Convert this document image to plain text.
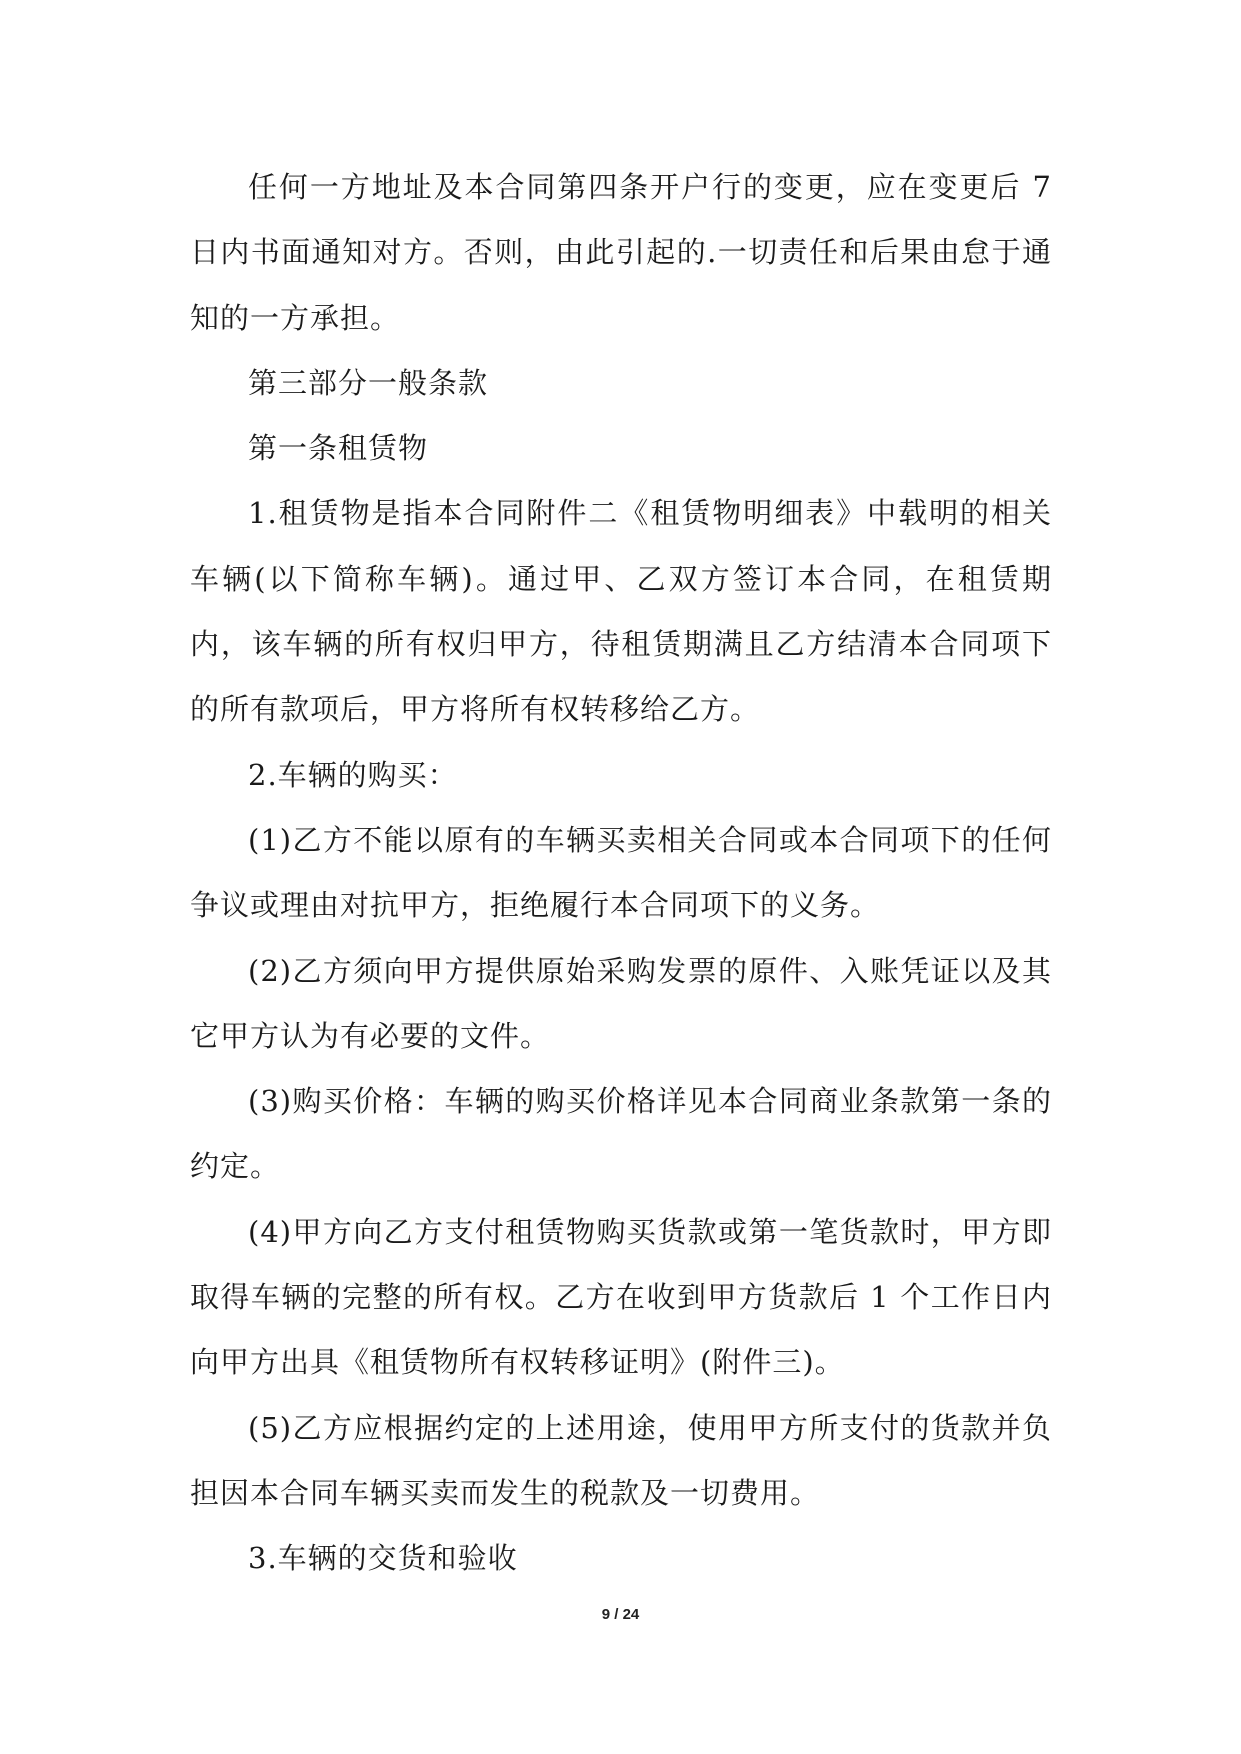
任何一方地址及本合同第四条开户行的变更，应在变更后 7 日内书面通知对方。否则，由此引起的.一切责任和后果由怠于通知的一方承担。

第三部分一般条款

第一条租赁物

1.租赁物是指本合同附件二《租赁物明细表》中载明的相关车辆(以下简称车辆)。通过甲、乙双方签订本合同，在租赁期内，该车辆的所有权归甲方，待租赁期满且乙方结清本合同项下的所有款项后，甲方将所有权转移给乙方。

2.车辆的购买：

(1)乙方不能以原有的车辆买卖相关合同或本合同项下的任何争议或理由对抗甲方，拒绝履行本合同项下的义务。

(2)乙方须向甲方提供原始采购发票的原件、入账凭证以及其它甲方认为有必要的文件。

(3)购买价格：车辆的购买价格详见本合同商业条款第一条的约定。

(4)甲方向乙方支付租赁物购买货款或第一笔货款时，甲方即取得车辆的完整的所有权。乙方在收到甲方货款后 1 个工作日内向甲方出具《租赁物所有权转移证明》(附件三)。

(5)乙方应根据约定的上述用途，使用甲方所支付的货款并负担因本合同车辆买卖而发生的税款及一切费用。

3.车辆的交货和验收

9 / 24
